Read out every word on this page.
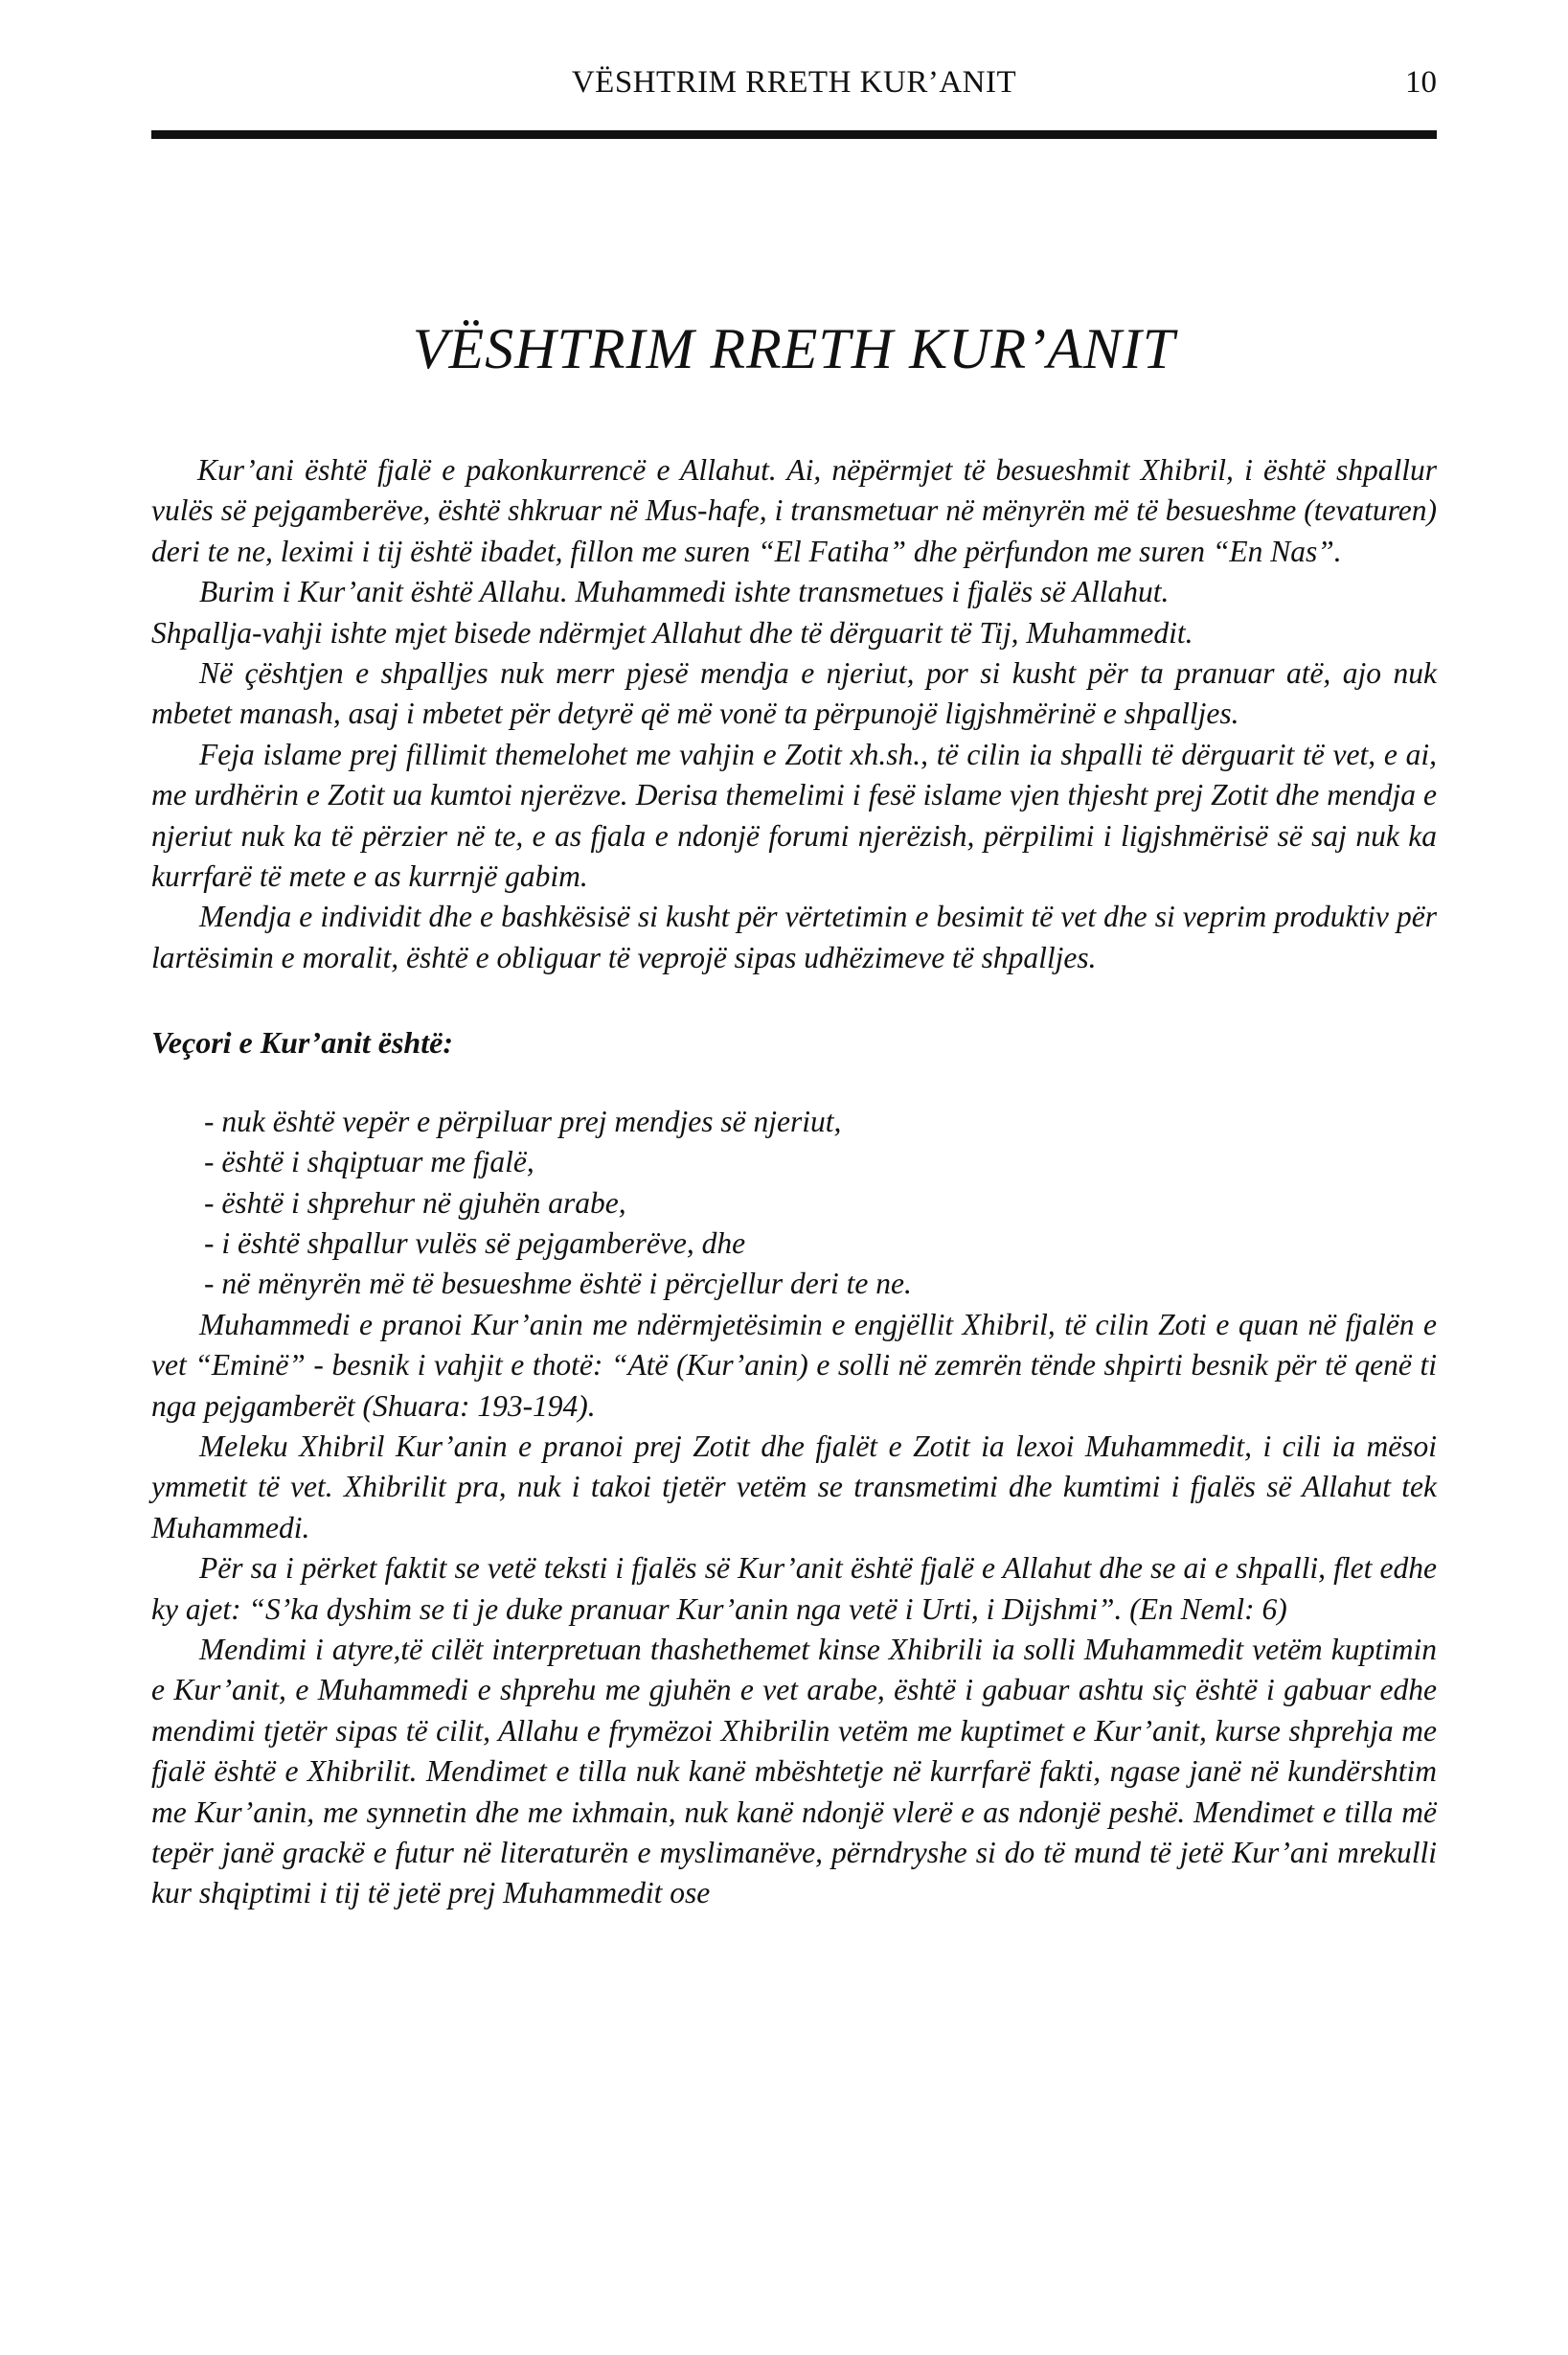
VËSHTRIM RRETH KUR’ANIT	10
VËSHTRIM RRETH KUR’ANIT

Kur’ani është fjalë e pakonkurrencë e Allahut. Ai, nëpërmjet të besueshmit Xhibril, i është shpallur vulës së pejgamberëve, është shkruar në Mus-hafe, i transmetuar në mënyrën më të besueshme (tevaturen) deri te ne, leximi i tij është ibadet, fillon me suren “El Fatiha” dhe përfundon me suren “En Nas”.

Burim i Kur’anit është Allahu. Muhammedi ishte transmetues i fjalës së Allahut.

Shpallja-vahji ishte mjet bisede ndërmjet Allahut dhe të dërguarit të Tij, Muhammedit.

Në çështjen e shpalljes nuk merr pjesë mendja e njeriut, por si kusht për ta pranuar atë, ajo nuk mbetet manash, asaj i mbetet për detyrë që më vonë ta përpunojë ligjshmërinë e shpalljes.

Feja islame prej fillimit themelohet me vahjin e Zotit xh.sh., të cilin ia shpalli të dërguarit të vet, e ai, me urdhërin e Zotit ua kumtoi njerëzve. Derisa themelimi i fesë islame vjen thjesht prej Zotit dhe mendja e njeriut nuk ka të përzier në te, e as fjala e ndonjë forumi njerëzish, përpilimi i ligjshmërisë së saj nuk ka kurrfarë të mete e as kurrnjë gabim.

Mendja e individit dhe e bashkësisë si kusht për vërtetimin e besimit të vet dhe si veprim produktiv për lartësimin e moralit, është e obliguar të veprojë sipas udhëzimeve të shpalljes.

Veçori e Kur’anit është:
- nuk është vepër e përpiluar prej mendjes së njeriut,
- është i shqiptuar me fjalë,
- është i shprehur në gjuhën arabe,
- i është shpallur vulës së pejgamberëve, dhe
- në mënyrën më të besueshme është i përcjellur deri te ne.

Muhammedi e pranoi Kur’anin me ndërmjetësimin e engjëllit Xhibril, të cilin Zoti e quan në fjalën e vet “Eminë” - besnik i vahjit e thotë: “Atë (Kur’anin) e solli në zemrën tënde shpirti besnik për të qenë ti nga pejgamberët (Shuara: 193-194).

Meleku Xhibril Kur’anin e pranoi prej Zotit dhe fjalët e Zotit ia lexoi Muhammedit, i cili ia mësoi ymmetit të vet. Xhibrilit pra, nuk i takoi tjetër vetëm se transmetimi dhe kumtimi i fjalës së Allahut tek Muhammedi.

Për sa i përket faktit se vetë teksti i fjalës së Kur’anit është fjalë e Allahut dhe se ai e shpalli, flet edhe ky ajet: “S’ka dyshim se ti je duke pranuar Kur’anin nga vetë i Urti, i Dijshmi”. (En Neml: 6)

Mendimi i atyre,të cilët interpretuan thashethemet kinse Xhibrili ia solli Muhammedit vetëm kuptimin e Kur’anit, e Muhammedi e shprehu me gjuhën e vet arabe, është i gabuar ashtu siç është i gabuar edhe mendimi tjetër sipas të cilit, Allahu e frymëzoi Xhibrilin vetëm me kuptimet e Kur’anit, kurse shprehja me fjalë është e Xhibrilit. Mendimet e tilla nuk kanë mbështetje në kurrfarë fakti, ngase janë në kundërshtim me Kur’anin, me synnetin dhe me ixhmain, nuk kanë ndonjë vlerë e as ndonjë peshë. Mendimet e tilla më tepër janë grackë e futur në literaturën e myslimanëve, përndryshe si do të mund të jetë Kur’ani mrekulli kur shqiptimi i tij të jetë prej Muhammedit ose
